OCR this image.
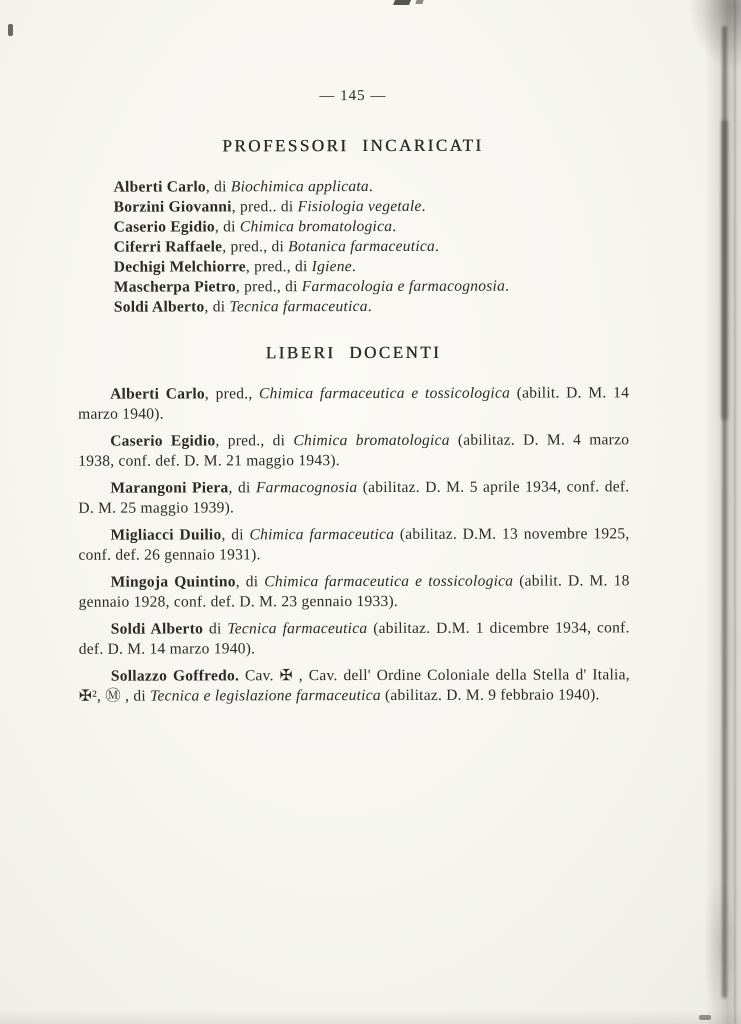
— 145 —
PROFESSORI INCARICATI

Alberti Carlo, di Biochimica applicata.

Borzini Giovanni, pred.. di Fisiologia vegetale.

Caserio Egidio, di Chimica bromatologica.

Ciferri Raffaele, pred., di Botanica farmaceutica.

Dechigi Melchiorre, pred., di Igiene.

Mascherpa Pietro, pred., di Farmacologia e farmacognosia.

Soldi Alberto, di Tecnica farmaceutica.

LIBERI DOCENTI

Alberti Carlo, pred., Chimica farmaceutica e tossicologica (abilit. D. M. 14 marzo 1940).

Caserio Egidio, pred., di Chimica bromatologica (abilitaz. D. M. 4 marzo 1938, conf. def. D. M. 21 maggio 1943).

Marangoni Piera, di Farmacognosia (abilitaz. D. M. 5 aprile 1934, conf. def. D. M. 25 maggio 1939).

Migliacci Duilio, di Chimica farmaceutica (abilitaz. D.M. 13 novembre 1925, conf. def. 26 gennaio 1931).

Mingoja Quintino, di Chimica farmaceutica e tossicologica (abilit. D. M. 18 gennaio 1928, conf. def. D. M. 23 gennaio 1933).

Soldi Alberto di Tecnica farmaceutica (abilitaz. D.M. 1 dicembre 1934, conf. def. D. M. 14 marzo 1940).

Sollazzo Goffredo. Cav. ✠ , Cav. dell' Ordine Coloniale della Stella d' Italia, ✠², Ⓜ , di Tecnica e legislazione farmaceutica (abilitaz. D. M. 9 febbraio 1940).
